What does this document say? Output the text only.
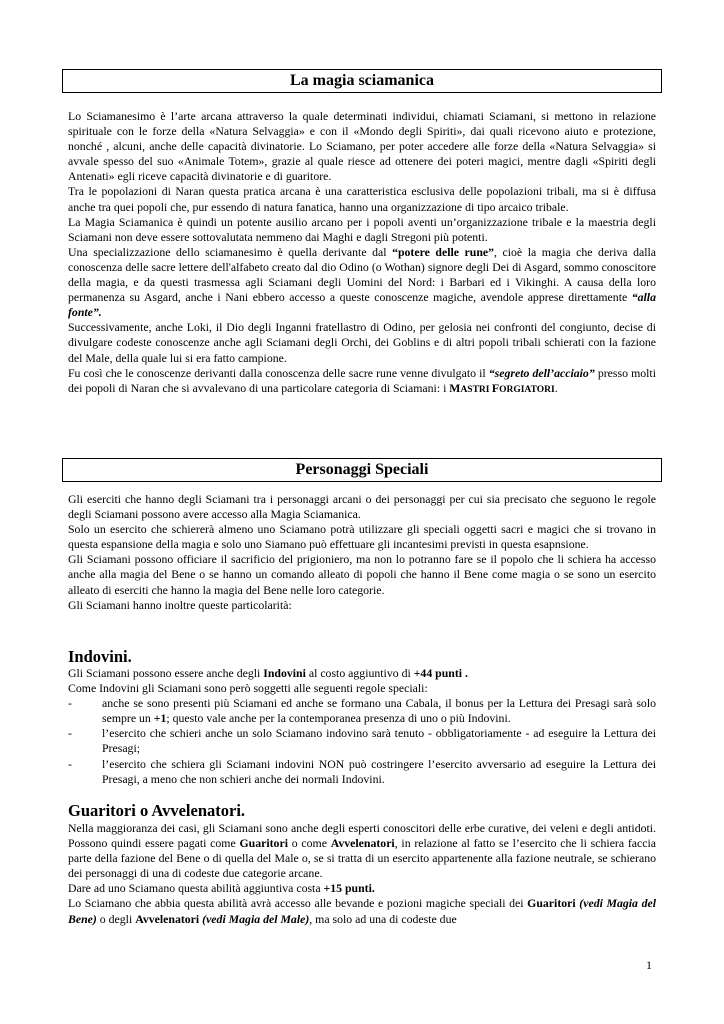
La magia sciamanica

Lo Sciamanesimo è l’arte arcana attraverso la quale determinati individui, chiamati Sciamani, si mettono in relazione spirituale con le forze della «Natura Selvaggia» e con il «Mondo degli Spiriti», dai quali ricevono aiuto e protezione, nonché , alcuni, anche delle capacità divinatorie. Lo Sciamano, per poter accedere alle forze della «Natura Selvaggia» si avvale spesso del suo «Animale Totem», grazie al quale riesce ad ottenere dei poteri magici, mentre dagli «Spiriti degli Antenati» egli riceve capacità divinatorie e di guaritore.

Tra le popolazioni di Naran questa pratica arcana è una caratteristica esclusiva delle popolazioni tribali, ma si è diffusa anche tra quei popoli che, pur essendo di natura fanatica, hanno una organizzazione di tipo arcaico tribale.

La Magia Sciamanica è quindi un potente ausilio arcano per i popoli aventi un’organizzazione tribale e la maestria degli Sciamani non deve essere sottovalutata nemmeno dai Maghi e dagli Stregoni più potenti.

Una specializzazione dello sciamanesimo è quella derivante dal “potere delle rune”, cioè la magia che deriva dalla conoscenza delle sacre lettere dell'alfabeto creato dal dio Odino (o Wothan) signore degli Dei di Asgard, sommo conoscitore della magia, e da questi trasmessa agli Sciamani degli Uomini del Nord: i Barbari ed i Vikinghi. A causa della loro permanenza su Asgard, anche i Nani ebbero accesso a queste conoscenze magiche, avendole apprese direttamente “alla fonte”.

Successivamente, anche Loki, il Dio degli Inganni fratellastro di Odino, per gelosia nei confronti del congiunto, decise di divulgare codeste conoscenze anche agli Sciamani degli Orchi, dei Goblins e di altri popoli tribali schierati con la fazione del Male, della quale lui si era fatto campione.

Fu così che le conoscenze derivanti dalla conoscenza delle sacre rune venne divulgato il “segreto dell’acciaio” presso molti dei popoli di Naran che si avvalevano di una particolare categoria di Sciamani: i MASTRI FORGIATORI.

Personaggi Speciali

Gli eserciti che hanno degli Sciamani tra i personaggi arcani o dei personaggi per cui sia precisato che seguono le regole degli Sciamani possono avere accesso alla Magia Sciamanica.

Solo un esercito che schiererà almeno uno Sciamano potrà utilizzare gli speciali oggetti sacri e magici che si trovano in questa espansione della magia e solo uno Siamano può effettuare gli incantesimi previsti in questa esapnsione.

Gli Sciamani possono officiare il sacrificio del prigioniero, ma non lo potranno fare se il popolo che li schiera ha accesso anche alla magia del Bene o se hanno un comando alleato di popoli che hanno il Bene come magia o se sono un esercito alleato di eserciti che hanno la magia del Bene nelle loro categorie.

Gli Sciamani hanno inoltre queste particolarità:

Indovini.

Gli Sciamani possono essere anche degli Indovini al costo aggiuntivo di +44 punti .

Come Indovini gli Sciamani sono però soggetti alle seguenti regole speciali:

-	anche se sono presenti più Sciamani ed anche se formano una Cabala, il bonus per la Lettura dei Presagi sarà solo sempre un +1; questo vale anche per la contemporanea presenza di uno o più Indovini.
-	l’esercito che schieri anche un solo Sciamano indovino sarà tenuto - obbligatoriamente - ad eseguire la Lettura dei Presagi;
-	l’esercito che schiera gli Sciamani indovini NON può costringere l’esercito avversario ad eseguire la Lettura dei Presagi, a meno che non schieri anche dei normali Indovini.
Guaritori o Avvelenatori.

Nella maggioranza dei casi, gli Sciamani sono anche degli esperti conoscitori delle erbe curative, dei veleni e degli antidoti. Possono quindi essere pagati come Guaritori o come Avvelenatori, in relazione al fatto se l’esercito che li schiera faccia parte della fazione del Bene o di quella del Male o, se si tratta di un esercito appartenente alla fazione neutrale, se schierano dei personaggi di una di codeste due categorie arcane.

Dare ad uno Sciamano questa abilità aggiuntiva costa +15 punti.

Lo Sciamano che abbia questa abilità avrà accesso alle bevande e pozioni magiche speciali dei Guaritori (vedi Magia del Bene) o degli Avvelenatori (vedi Magia del Male), ma solo ad una di codeste due

1
